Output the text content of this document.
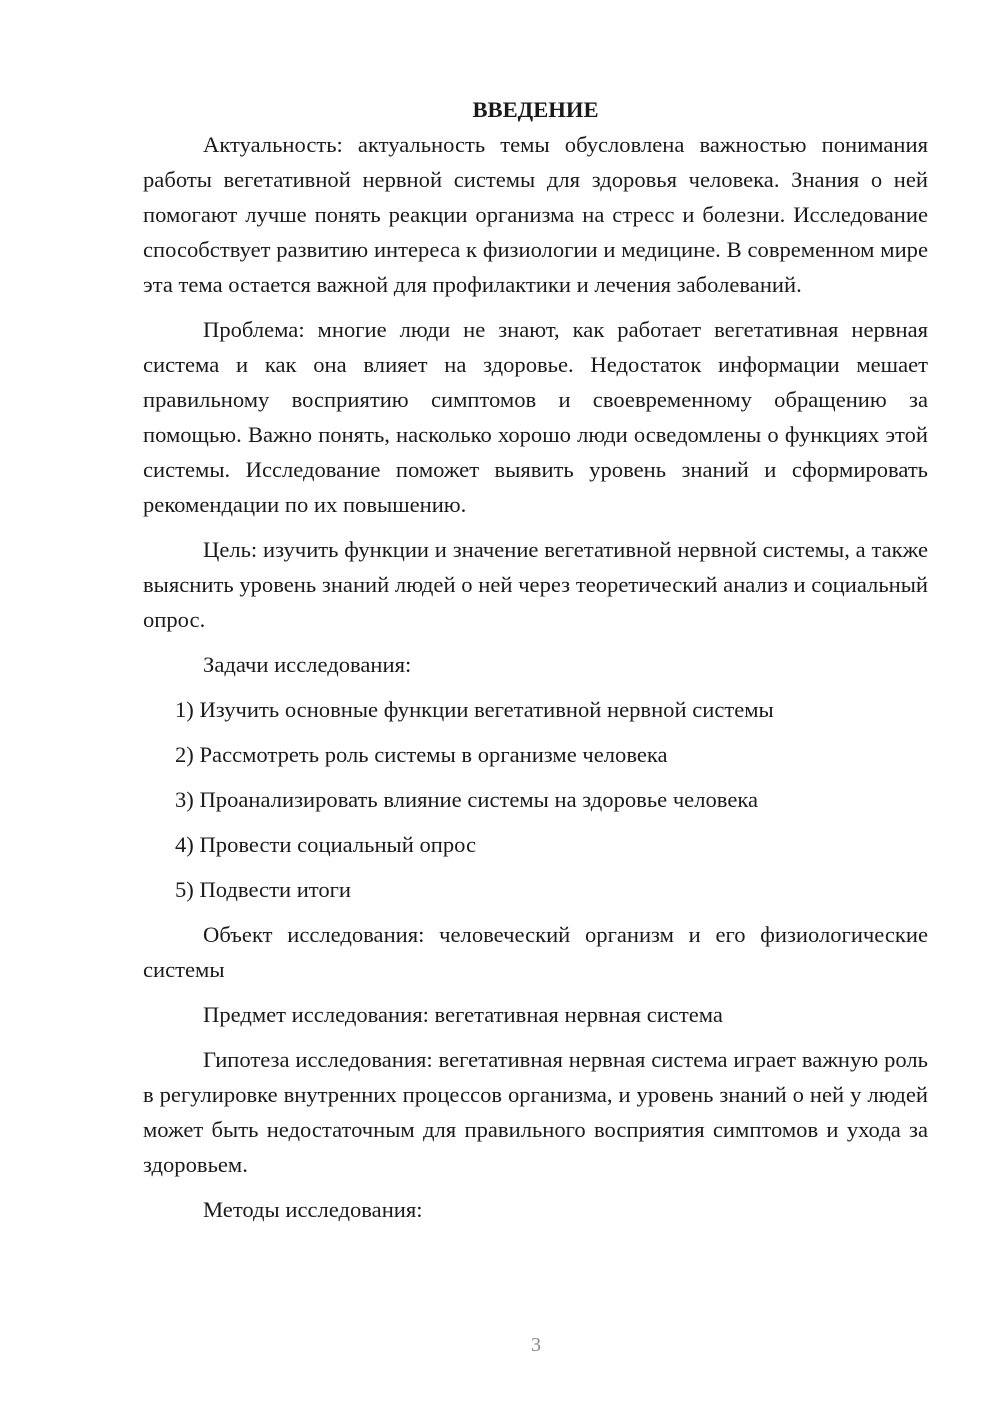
ВВЕДЕНИЕ

Актуальность: актуальность темы обусловлена важностью понимания работы вегетативной нервной системы для здоровья человека. Знания о ней помогают лучше понять реакции организма на стресс и болезни. Исследование способствует развитию интереса к физиологии и медицине. В современном мире эта тема остается важной для профилактики и лечения заболеваний.

Проблема: многие люди не знают, как работает вегетативная нервная система и как она влияет на здоровье. Недостаток информации мешает правильному восприятию симптомов и своевременному обращению за помощью. Важно понять, насколько хорошо люди осведомлены о функциях этой системы. Исследование поможет выявить уровень знаний и сформировать рекомендации по их повышению.

Цель: изучить функции и значение вегетативной нервной системы, а также выяснить уровень знаний людей о ней через теоретический анализ и социальный опрос.

Задачи исследования:

1) Изучить основные функции вегетативной нервной системы
2) Рассмотреть роль системы в организме человека
3) Проанализировать влияние системы на здоровье человека
4) Провести социальный опрос
5) Подвести итоги

Объект исследования: человеческий организм и его физиологические системы

Предмет исследования: вегетативная нервная система

Гипотеза исследования: вегетативная нервная система играет важную роль в регулировке внутренних процессов организма, и уровень знаний о ней у людей может быть недостаточным для правильного восприятия симптомов и ухода за здоровьем.

Методы исследования:

3
